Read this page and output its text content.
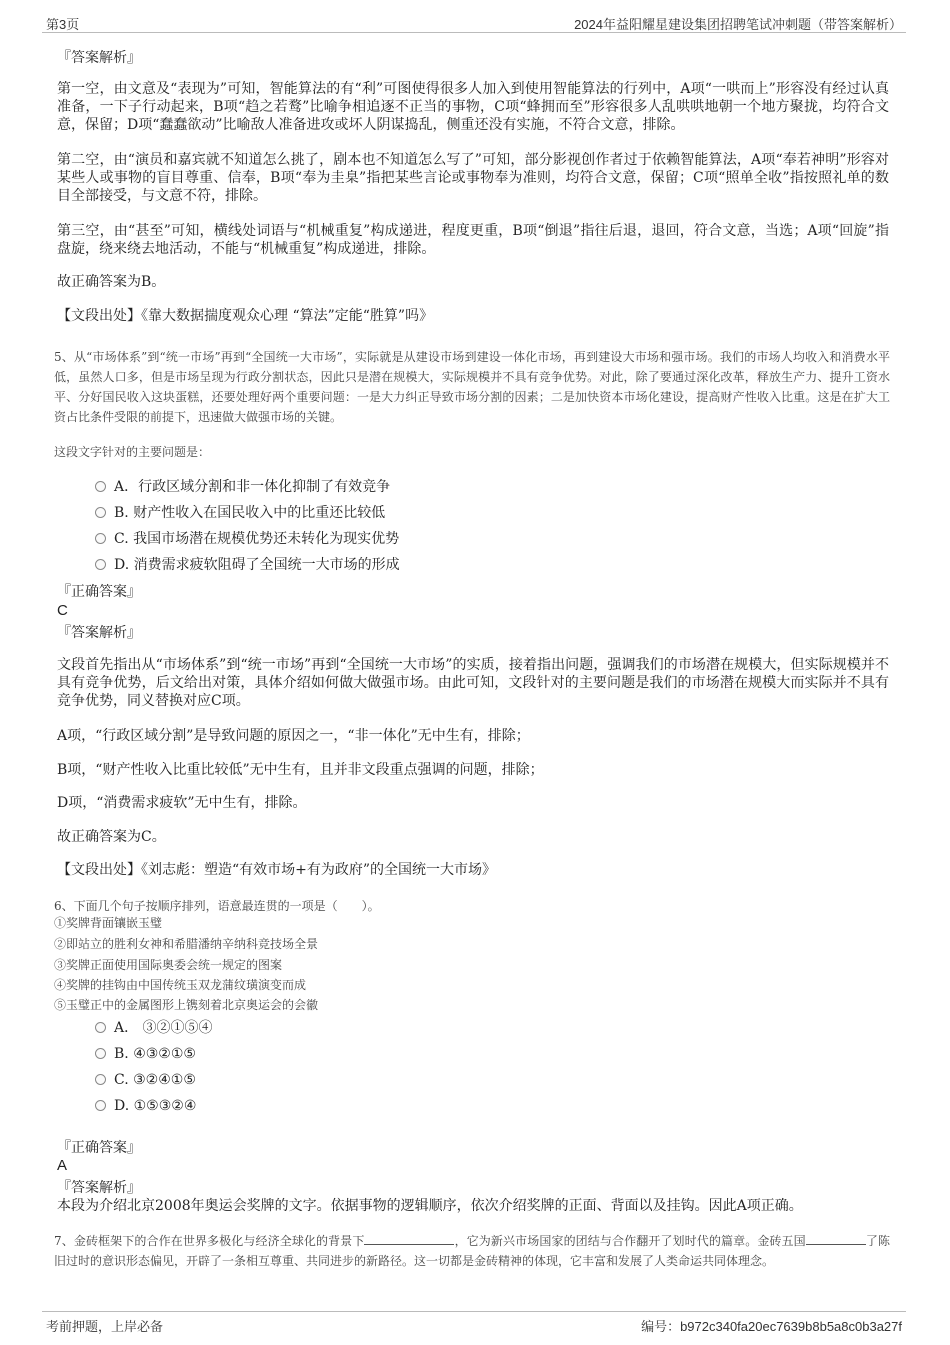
第3页	2024年益阳耀星建设集团招聘笔试冲刺题（带答案解析）
『答案解析』

第一空，由文意及“表现为”可知，智能算法的有“利”可图使得很多人加入到使用智能算法的行列中，A项“一哄而上”形容没有经过认真准备，一下子行动起来，B项“趋之若鹜”比喻争相追逐不正当的事物，C项“蜂拥而至”形容很多人乱哄哄地朝一个地方聚拢，均符合文意，保留；D项“蠢蠢欲动”比喻敌人准备进攻或坏人阴谋捣乱，侧重还没有实施，不符合文意，排除。

第二空，由“演员和嘉宾就不知道怎么挑了，剧本也不知道怎么写了”可知，部分影视创作者过于依赖智能算法，A项“奉若神明”形容对某些人或事物的盲目尊重、信奉，B项“奉为圭臬”指把某些言论或事物奉为准则，均符合文意，保留；C项“照单全收”指按照礼单的数目全部接受，与文意不符，排除。

第三空，由“甚至”可知，横线处词语与“机械重复”构成递进，程度更重，B项“倒退”指往后退，退回，符合文意，当选；A项“回旋”指盘旋，绕来绕去地活动，不能与“机械重复”构成递进，排除。

故正确答案为B。

【文段出处】《靠大数据揣度观众心理 “算法”定能“胜算”吗》

5、从“市场体系”到“统一市场”再到“全国统一大市场”，实际就是从建设市场到建设一体化市场，再到建设大市场和强市场。我们的市场人均收入和消费水平低，虽然人口多，但是市场呈现为行政分割状态，因此只是潜在规模大，实际规模并不具有竞争优势。对此，除了要通过深化改革，释放生产力、提升工资水平、分好国民收入这块蛋糕，还要处理好两个重要问题：一是大力纠正导致市场分割的因素；二是加快资本市场化建设，提高财产性收入比重。这是在扩大工资占比条件受限的前提下，迅速做大做强市场的关键。

这段文字针对的主要问题是：

A．行政区域分割和非一体化抑制了有效竞争
B. 财产性收入在国民收入中的比重还比较低
C. 我国市场潜在规模优势还未转化为现实优势
D. 消费需求疲软阻碍了全国统一大市场的形成
『正确答案』
C
『答案解析』

文段首先指出从“市场体系”到“统一市场”再到“全国统一大市场”的实质，接着指出问题，强调我们的市场潜在规模大，但实际规模并不具有竞争优势，后文给出对策，具体介绍如何做大做强市场。由此可知，文段针对的主要问题是我们的市场潜在规模大而实际并不具有竞争优势，同义替换对应C项。

A项，“行政区域分割”是导致问题的原因之一，“非一体化”无中生有，排除；

B项，“财产性收入比重比较低”无中生有，且并非文段重点强调的问题，排除；

D项，“消费需求疲软”无中生有，排除。

故正确答案为C。

【文段出处】《刘志彪：塑造“有效市场+有为政府”的全国统一大市场》

6、下面几个句子按顺序排列，语意最连贯的一项是（　　）。

①奖牌背面镶嵌玉璧
②即站立的胜利女神和希腊潘纳辛纳科竞技场全景
③奖牌正面使用国际奥委会统一规定的图案
④奖牌的挂钩由中国传统玉双龙蒲纹璜演变而成
⑤玉璧正中的金属图形上镌刻着北京奥运会的会徽
A． ③②①⑤④
B. ④③②①⑤
C. ③②④①⑤
D. ①⑤③②④
『正确答案』
A
『答案解析』

本段为介绍北京2008年奥运会奖牌的文字。依据事物的逻辑顺序，依次介绍奖牌的正面、背面以及挂钩。因此A项正确。

7、金砖框架下的合作在世界多极化与经济全球化的背景下	，它为新兴市场国家的团结与合作翻开了划时代的篇章。金砖五国	了陈旧过时的意识形态偏见，开辟了一条相互尊重、共同进步的新路径。这一切都是金砖精神的体现，它丰富和发展了人类命运共同体理念。

考前押题，上岸必备	编号：b972c340fa20ec7639b8b5a8c0b3a27f
